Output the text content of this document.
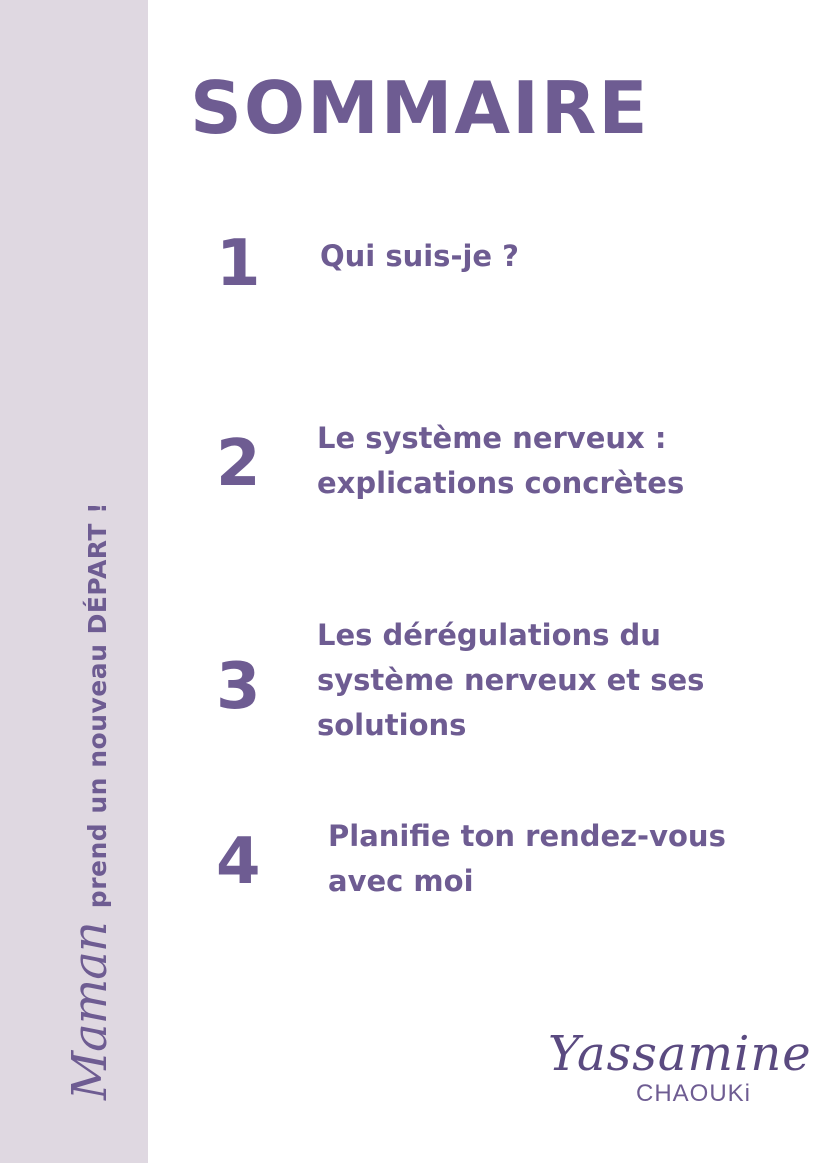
Maman
prend un nouveau DÉPART !
SOMMAIRE
1 Qui suis-je ?
2 Le système nerveux :
explications concrètes
3
Les dérégulations du
système nerveux et ses
solutions
4 Planifie ton rendez-vous
avec moi
Yassamine
CHAOUKi
